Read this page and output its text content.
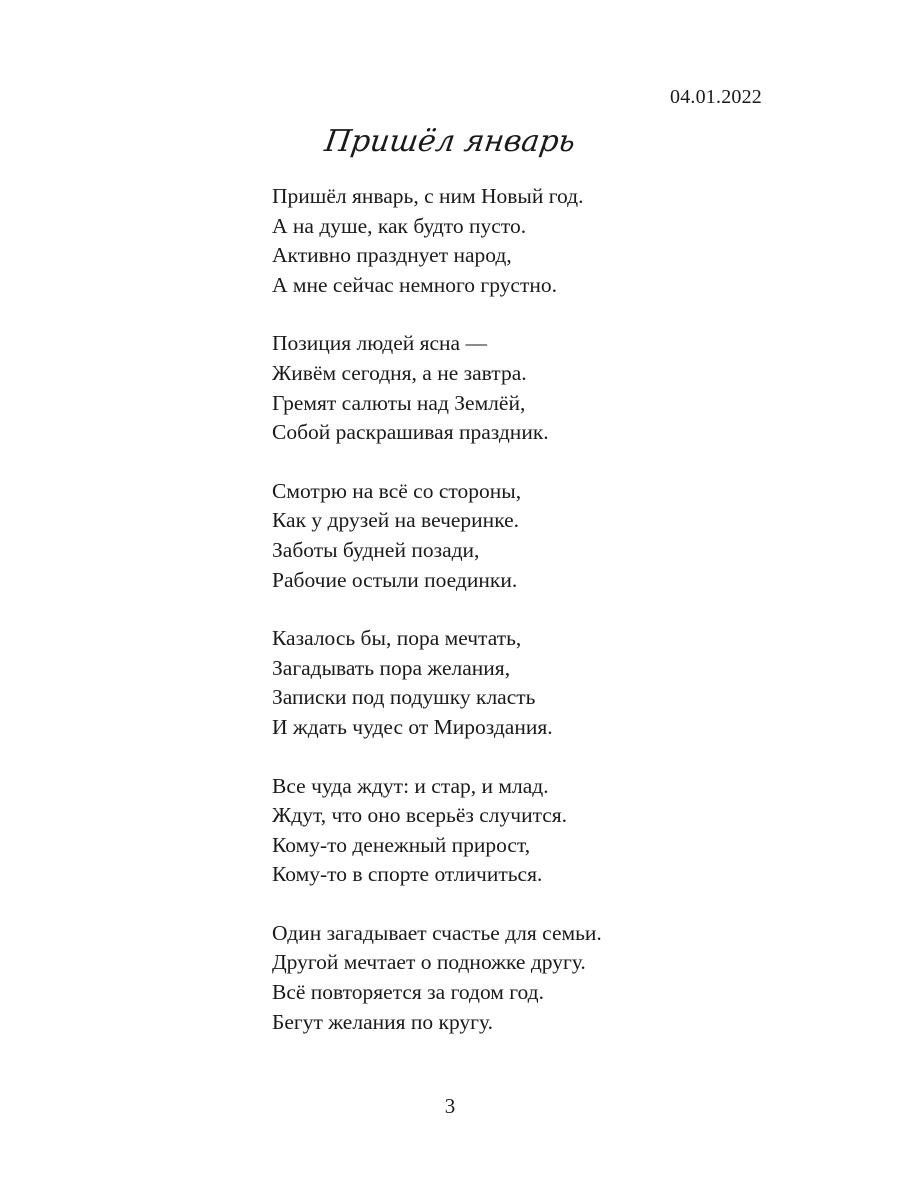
04.01.2022
Пришёл январь
Пришёл январь, с ним Новый год.
А на душе, как будто пусто.
Активно празднует народ,
А мне сейчас немного грустно.
Позиция людей ясна —
Живём сегодня, а не завтра.
Гремят салюты над Землёй,
Собой раскрашивая праздник.
Смотрю на всё со стороны,
Как у друзей на вечеринке.
Заботы будней позади,
Рабочие остыли поединки.
Казалось бы, пора мечтать,
Загадывать пора желания,
Записки под подушку класть
И ждать чудес от Мироздания.
Все чуда ждут: и стар, и млад.
Ждут, что оно всерьёз случится.
Кому-то денежный прирост,
Кому-то в спорте отличиться.
Один загадывает счастье для семьи.
Другой мечтает о подножке другу.
Всё повторяется за годом год.
Бегут желания по кругу.
3
